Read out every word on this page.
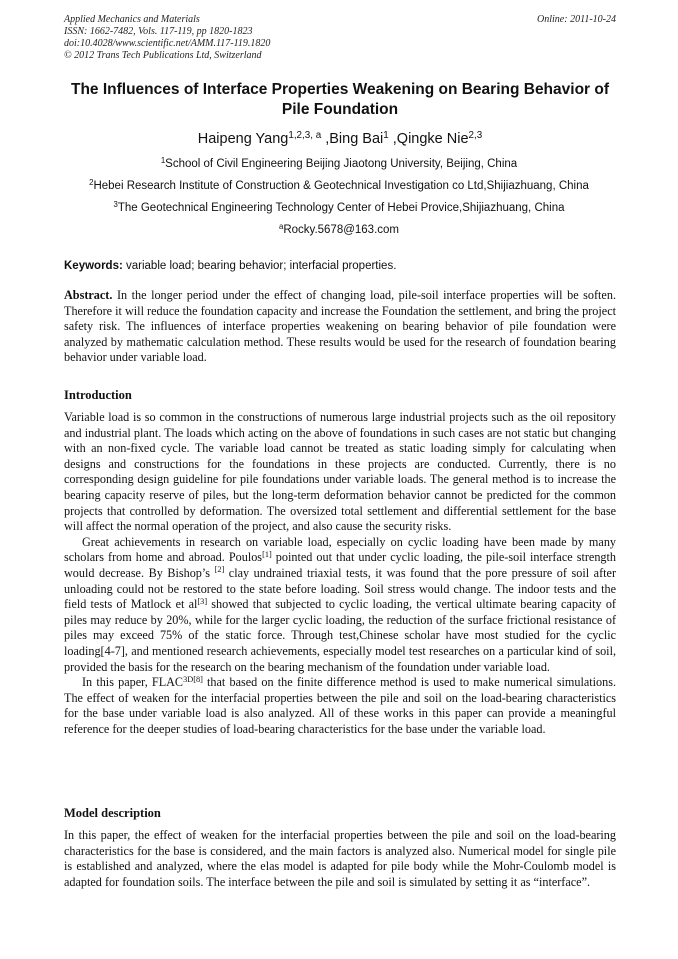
Applied Mechanics and Materials
ISSN: 1662-7482, Vols. 117-119, pp 1820-1823
doi:10.4028/www.scientific.net/AMM.117-119.1820
© 2012 Trans Tech Publications Ltd, Switzerland
Online: 2011-10-24
The Influences of Interface Properties Weakening on Bearing Behavior of Pile Foundation
Haipeng Yang$^{1,2,3, a}$ ,Bing Bai$^1$ ,Qingke Nie$^{2,3}$
$^1$School of Civil Engineering Beijing Jiaotong University, Beijing, China
$^2$Hebei Research Institute of Construction & Geotechnical Investigation co Ltd,Shijiazhuang, China
$^3$The Geotechnical Engineering Technology Center of Hebei Provice,Shijiazhuang, China
$^a$Rocky.5678@163.com
Keywords: variable load; bearing behavior; interfacial properties.
Abstract. In the longer period under the effect of changing load, pile-soil interface properties will be soften. Therefore it will reduce the foundation capacity and increase the Foundation the settlement, and bring the project safety risk. The influences of interface properties weakening on bearing behavior of pile foundation were analyzed by mathematic calculation method. These results would be used for the research of foundation bearing behavior under variable load.
Introduction

Variable load is so common in the constructions of numerous large industrial projects such as the oil repository and industrial plant. The loads which acting on the above of foundations in such cases are not static but changing with an non-fixed cycle. The variable load cannot be treated as static loading simply for calculating when designs and constructions for the foundations in these projects are conducted. Currently, there is no corresponding design guideline for pile foundations under variable loads. The general method is to increase the bearing capacity reserve of piles, but the long-term deformation behavior cannot be predicted for the common projects that controlled by deformation. The oversized total settlement and differential settlement for the base will affect the normal operation of the project, and also cause the security risks.

Great achievements in research on variable load, especially on cyclic loading have been made by many scholars from home and abroad. Poulos[1] pointed out that under cyclic loading, the pile-soil interface strength would decrease. By Bishop’s [2] clay undrained triaxial tests, it was found that the pore pressure of soil after unloading could not be restored to the state before loading. Soil stress would change. The indoor tests and the field tests of Matlock et al[3] showed that subjected to cyclic loading, the vertical ultimate bearing capacity of piles may reduce by 20%, while for the larger cyclic loading, the reduction of the surface frictional resistance of piles may exceed 75% of the static force. Through test,Chinese scholar have most studied for the cyclic loading[4-7], and mentioned research achievements, especially model test researches on a particular kind of soil, provided the basis for the research on the bearing mechanism of the foundation under variable load.

In this paper, $FLAC^{3D[8]}$ that based on the finite difference method is used to make numerical simulations. The effect of weaken for the interfacial properties between the pile and soil on the load-bearing characteristics for the base under variable load is also analyzed. All of these works in this paper can provide a meaningful reference for the deeper studies of load-bearing characteristics for the base under the variable load.

Model description

In this paper, the effect of weaken for the interfacial properties between the pile and soil on the load-bearing characteristics for the base is considered, and the main factors is analyzed also. Numerical model for single pile is established and analyzed, where the elas model is adapted for pile body while the Mohr-Coulomb model is adapted for foundation soils. The interface between the pile and soil is simulated by setting it as “interface”.
